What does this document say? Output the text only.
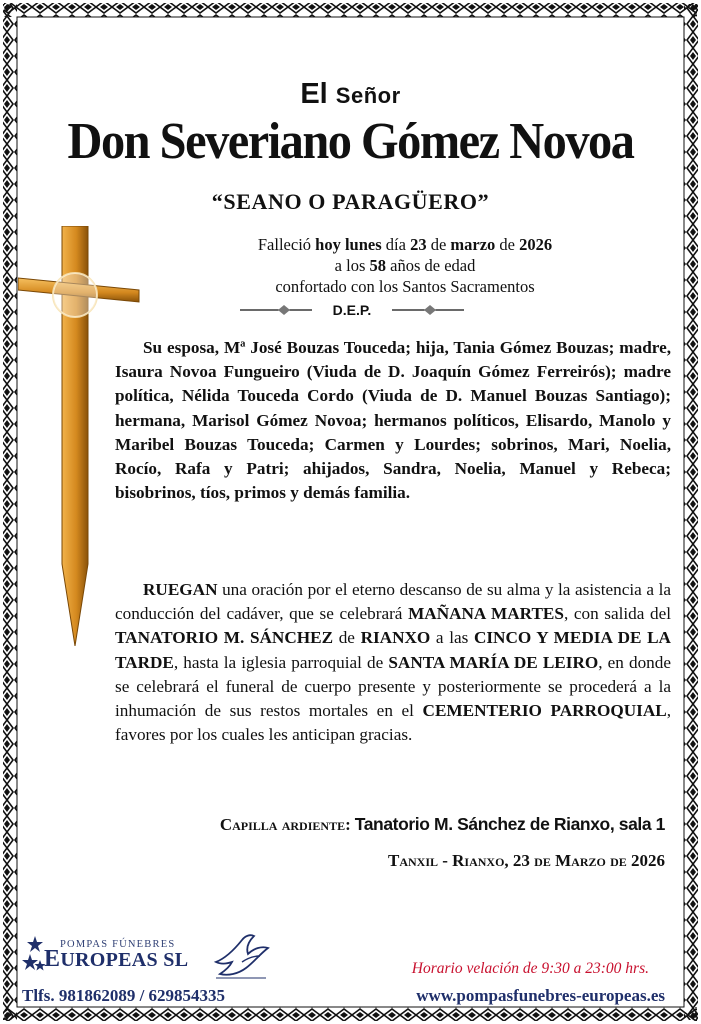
El Señor
Don Severiano Gómez Novoa
“SEANO O PARAGÜERO”
Falleció hoy lunes día 23 de marzo de 2026
a los 58 años de edad
confortado con los Santos Sacramentos
D.E.P.
Su esposa, Mª José Bouzas Touceda; hija, Tania Gómez Bouzas; madre, Isaura Novoa Fungueiro (Viuda de D. Joaquín Gómez Ferreirós); madre política, Nélida Touceda Cordo (Viuda de D. Manuel Bouzas Santiago); hermana, Marisol Gómez Novoa; hermanos políticos, Elisardo, Manolo y Maribel Bouzas Touceda; Carmen y Lourdes; sobrinos, Mari, Noelia, Rocío, Rafa y Patri; ahijados, Sandra, Noelia, Manuel y Rebeca; bisobrinos, tíos, primos y demás familia.
RUEGAN una oración por el eterno descanso de su alma y la asistencia a la conducción del cadáver, que se celebrará MAÑANA MARTES, con salida del TANATORIO M. SÁNCHEZ de RIANXO a las CINCO Y MEDIA DE LA TARDE, hasta la iglesia parroquial de SANTA MARÍA DE LEIRO, en donde se celebrará el funeral de cuerpo presente y posteriormente se procederá a la inhumación de sus restos mortales en el CEMENTERIO PARROQUIAL, favores por los cuales les anticipan gracias.
Capilla ardiente: Tanatorio M. Sánchez de Rianxo, sala 1
Tanxil - Rianxo, 23 de Marzo de 2026
POMPAS FÚNEBRES
EUROPEAS SL	Horario velación de 9:30 a 23:00 hrs.
Tlfs. 981862089 / 629854335	www.pompasfunebres-europeas.es
